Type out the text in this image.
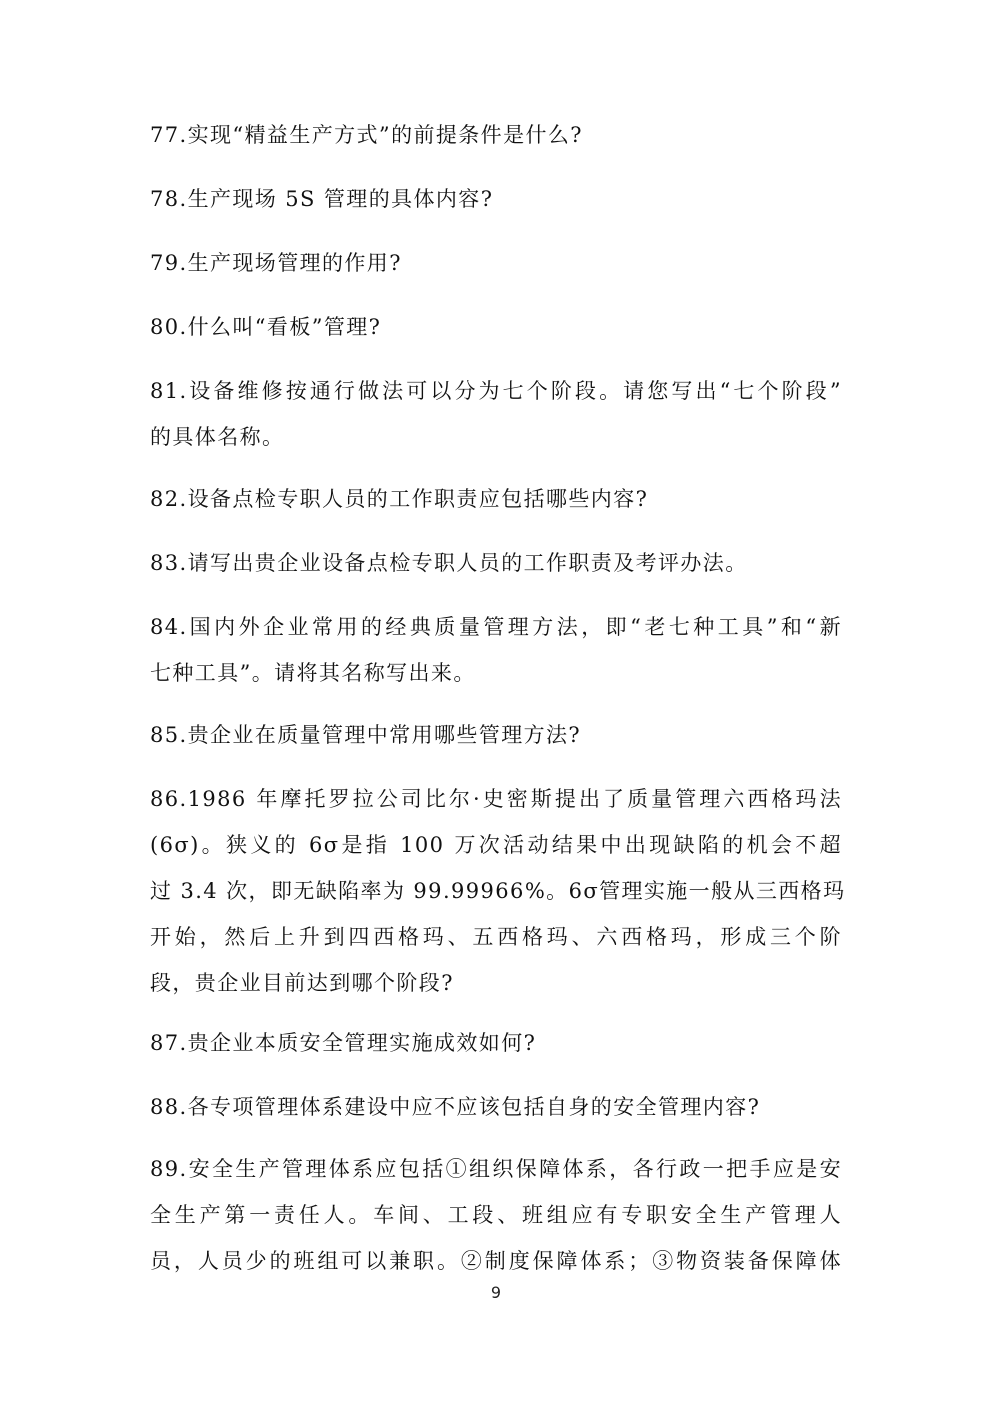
77.实现“精益生产方式”的前提条件是什么?

78.生产现场 5S 管理的具体内容?

79.生产现场管理的作用?

80.什么叫“看板”管理?

81.设备维修按通行做法可以分为七个阶段。请您写出“七个阶段”
的具体名称。

82.设备点检专职人员的工作职责应包括哪些内容?

83.请写出贵企业设备点检专职人员的工作职责及考评办法。

84.国内外企业常用的经典质量管理方法，即“老七种工具”和“新
七种工具”。请将其名称写出来。

85.贵企业在质量管理中常用哪些管理方法?

86.1986 年摩托罗拉公司比尔·史密斯提出了质量管理六西格玛法
(6σ)。狭义的 6σ是指 100 万次活动结果中出现缺陷的机会不超
过 3.4 次，即无缺陷率为 99.99966%。6σ管理实施一般从三西格玛
开始，然后上升到四西格玛、五西格玛、六西格玛，形成三个阶
段，贵企业目前达到哪个阶段?

87.贵企业本质安全管理实施成效如何?

88.各专项管理体系建设中应不应该包括自身的安全管理内容?

89.安全生产管理体系应包括①组织保障体系，各行政一把手应是安
全生产第一责任人。车间、工段、班组应有专职安全生产管理人
员，人员少的班组可以兼职。②制度保障体系；③物资装备保障体

9
